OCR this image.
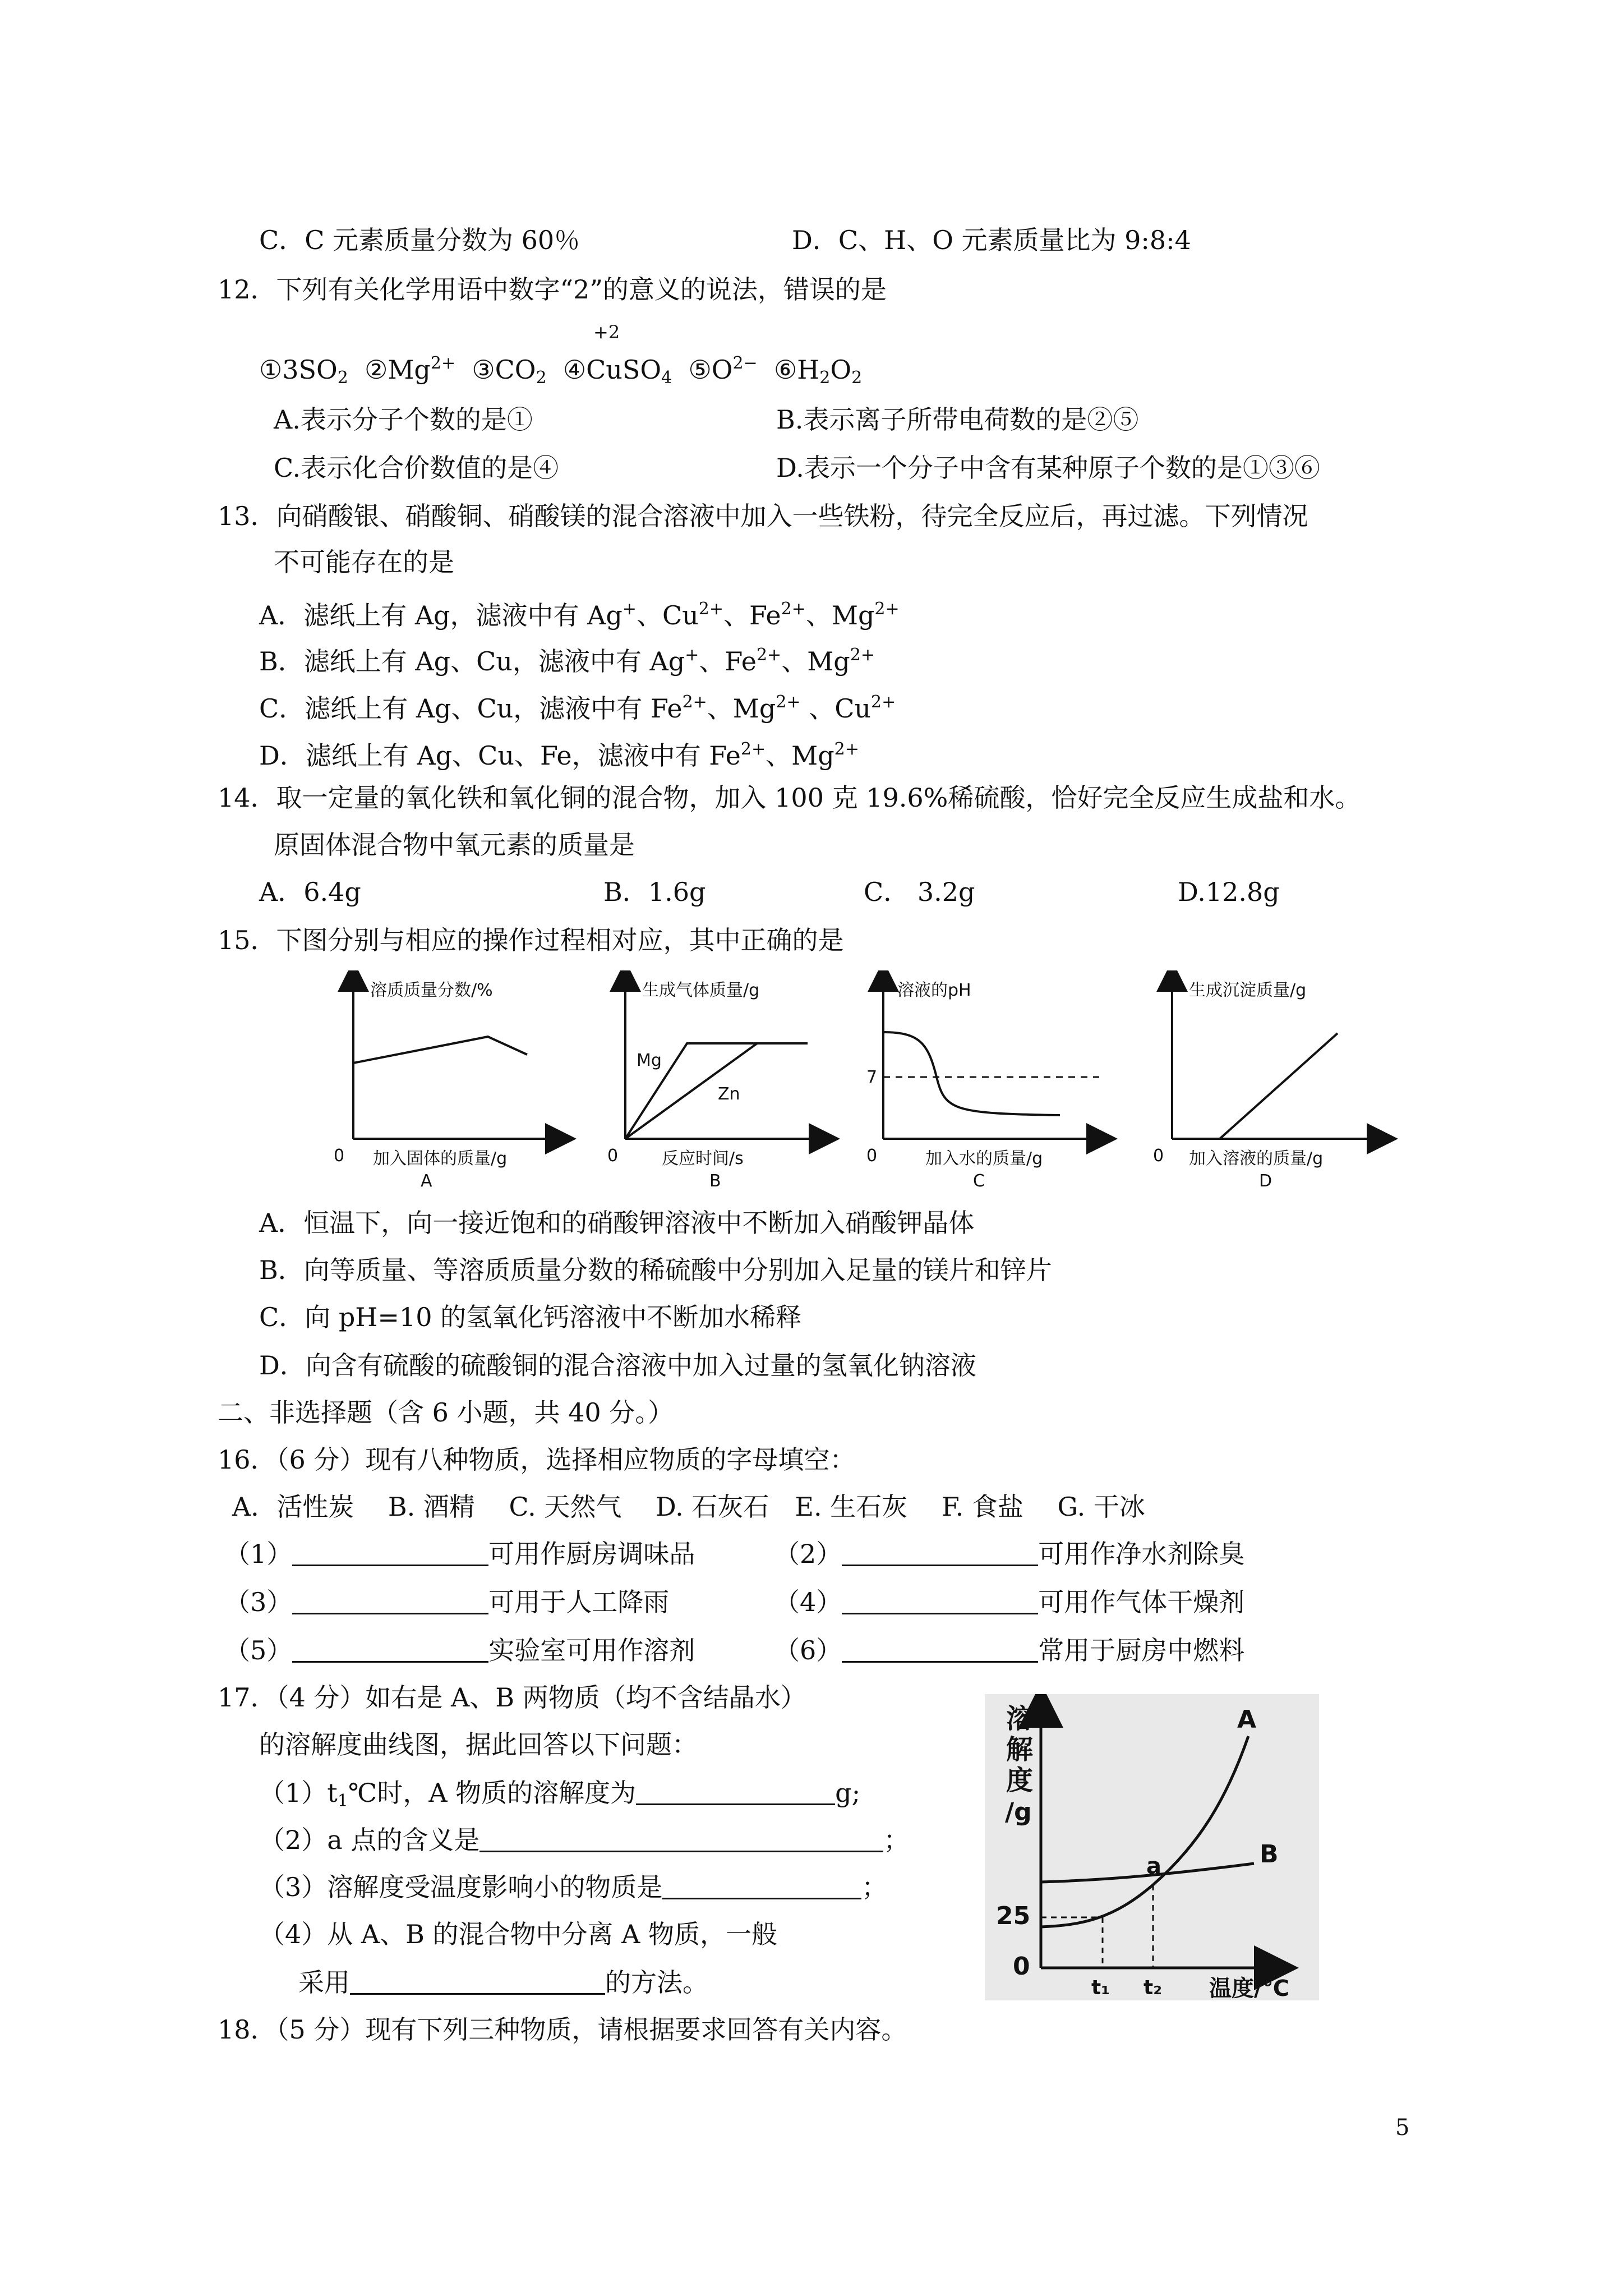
C．C 元素质量分数为 60％	D．C、H、O 元素质量比为 9:8:4
12．下列有关化学用语中数字“2”的意义的说法，错误的是
+2
$①3SO_2$ $②Mg^{2+}$ $③CO_2$ ④CuSO$_4$ $⑤O^{2-}$ $⑥H_2O_2$
A.表示分子个数的是①	B.表示离子所带电荷数的是②⑤
C.表示化合价数值的是④	D.表示一个分子中含有某种原子个数的是①③⑥
13．向硝酸银、硝酸铜、硝酸镁的混合溶液中加入一些铁粉，待完全反应后，再过滤。下列情况
不可能存在的是
A．滤纸上有 Ag，滤液中有 Ag+、$Cu^{2+}$、$Fe^{2+}$、$Mg^{2+}$
B．滤纸上有 Ag、Cu，滤液中有 Ag+、$Fe^{2+}$、$Mg^{2+}$
C．滤纸上有 Ag、Cu，滤液中有 $Fe^{2+}$、$Mg^{2+}$ 、$Cu^{2+}$
D．滤纸上有 Ag、Cu、Fe，滤液中有 $Fe^{2+}$、$Mg^{2+}$
14．取一定量的氧化铁和氧化铜的混合物，加入 100 克 19.6%稀硫酸，恰好完全反应生成盐和水。
原固体混合物中氧元素的质量是
A．6.4g	B．1.6g	C． 3.2g	D.12.8g
15．下图分别与相应的操作过程相对应，其中正确的是
溶质质量分数/%
0 加入固体的质量/g
A
生成气体质量/g
Mg
Zn
0	反应时间/s
B
溶液的pH
7
0	加入水的质量/g
C
生成沉淀质量/g
0 加入溶液的质量/g
D
A．恒温下，向一接近饱和的硝酸钾溶液中不断加入硝酸钾晶体
B．向等质量、等溶质质量分数的稀硫酸中分别加入足量的镁片和锌片
C．向 pH=10 的氢氧化钙溶液中不断加水稀释
D．向含有硫酸的硫酸铜的混合溶液中加入过量的氢氧化钠溶液
二、非选择题（含 6 小题，共 40 分。）
16．（6 分）现有八种物质，选择相应物质的字母填空：
A．活性炭　 B. 酒精　 C. 天然气　 D. 石灰石　E. 生石灰　 F. 食盐　 G. 干冰
（1）	可用作厨房调味品	（2）	可用作净水剂除臭
（3）	可用于人工降雨	（4）	可用作气体干燥剂
（5）	实验室可用作溶剂	（6）	常用于厨房中燃料
17．（4 分）如右是 A、B 两物质（均不含结晶水）
的溶解度曲线图，据此回答以下问题：
$(1)t_1℃$时，A 物质的溶解度为	g;
（2）a 点的含义是	；
（3）溶解度受温度影响小的物质是	；
（4）从 A、B 的混合物中分离 A 物质，一般
采用	的方法。
溶
解
度
/g
A
B
a
25
0
t₁ t₂ 温度/℃
18．（5 分）现有下列三种物质，请根据要求回答有关内容。
5
